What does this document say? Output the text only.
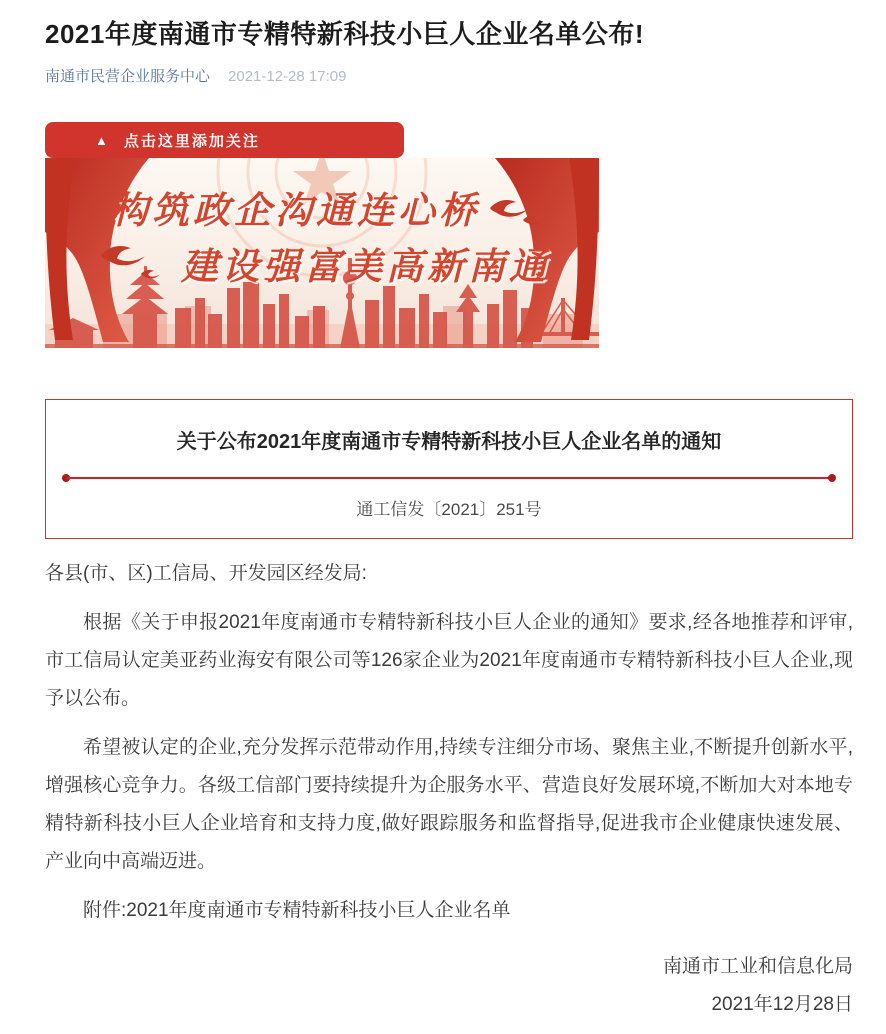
2021年度南通市专精特新科技小巨人企业名单公布!
南通市民营企业服务中心 2021-12-28 17:09
▲ 点击这里添加关注
构筑政企沟通连心桥
建设强富美高新南通
关于公布2021年度南通市专精特新科技小巨人企业名单的通知
通工信发〔2021〕251号

各县(市、区)工信局、开发园区经发局:

根据《关于申报2021年度南通市专精特新科技小巨人企业的通知》要求,经各地推荐和评审,市工信局认定美亚药业海安有限公司等126家企业为2021年度南通市专精特新科技小巨人企业,现予以公布。

希望被认定的企业,充分发挥示范带动作用,持续专注细分市场、聚焦主业,不断提升创新水平,增强核心竞争力。各级工信部门要持续提升为企服务水平、营造良好发展环境,不断加大对本地专精特新科技小巨人企业培育和支持力度,做好跟踪服务和监督指导,促进我市企业健康快速发展、产业向中高端迈进。

附件:2021年度南通市专精特新科技小巨人企业名单

南通市工业和信息化局

2021年12月28日
